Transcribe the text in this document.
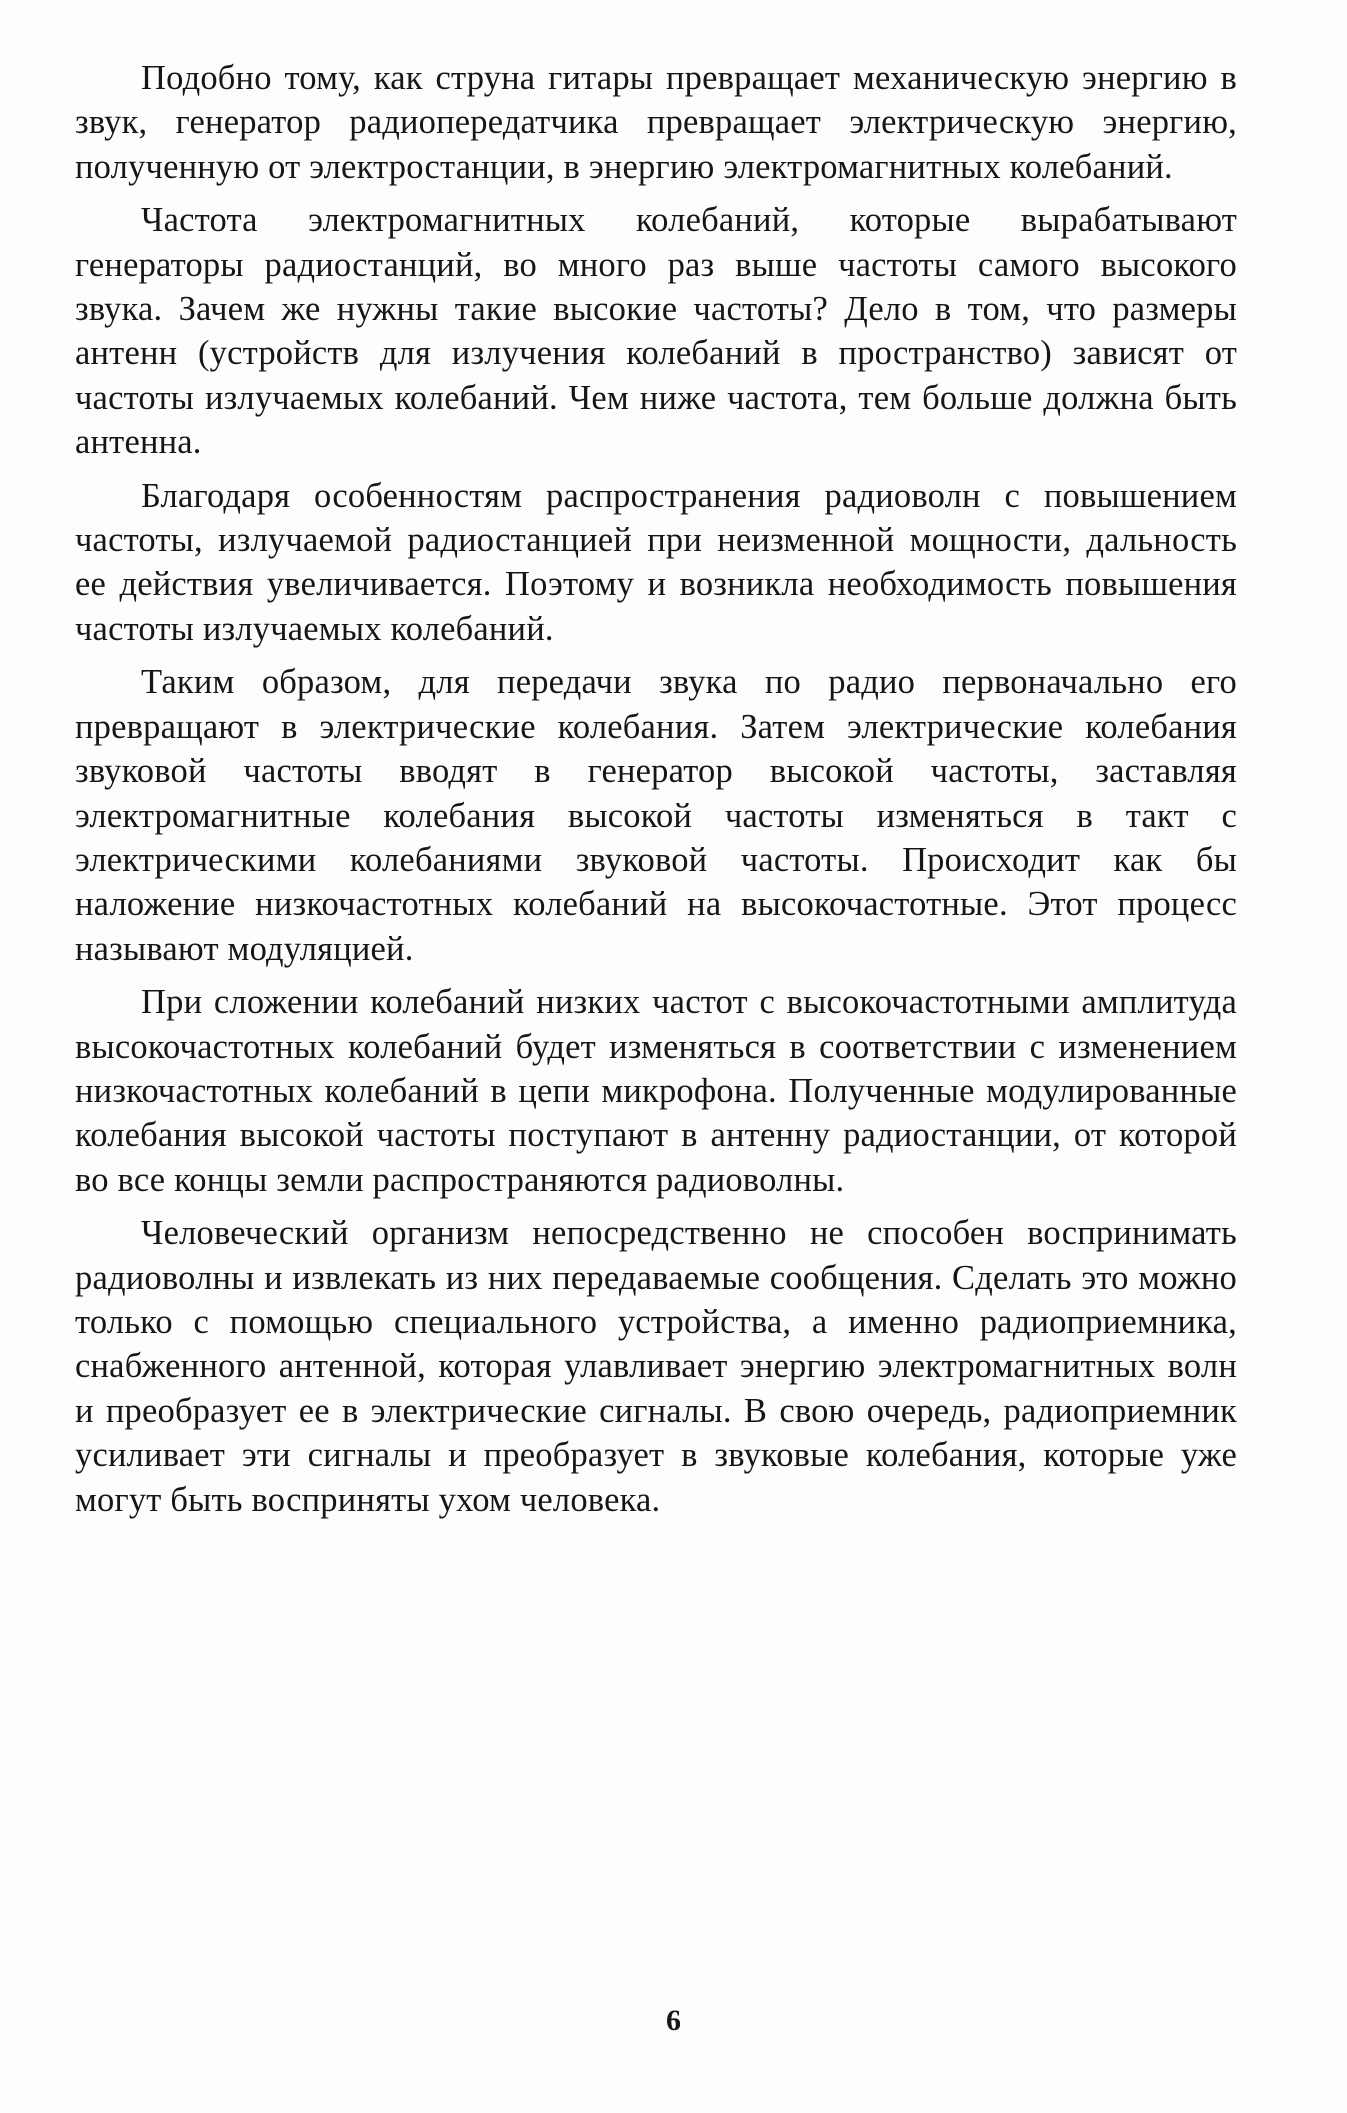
Подобно тому, как струна гитары превращает механическую энергию в звук, генератор радиопередатчика превращает электрическую энергию, полученную от электростанции, в энергию электромагнитных колебаний.

Частота электромагнитных колебаний, которые вырабатывают генераторы радиостанций, во много раз выше частоты самого высокого звука. Зачем же нужны такие высокие частоты? Дело в том, что размеры антенн (устройств для излучения колебаний в пространство) зависят от частоты излучаемых колебаний. Чем ниже частота, тем больше должна быть антенна.

Благодаря особенностям распространения радиоволн с повышением частоты, излучаемой радиостанцией при неизменной мощности, дальность ее действия увеличивается. Поэтому и возникла необходимость повышения частоты излучаемых колебаний.

Таким образом, для передачи звука по радио первоначально его превращают в электрические колебания. Затем электрические колебания звуковой частоты вводят в генератор высокой частоты, заставляя электромагнитные колебания высокой частоты изменяться в такт с электрическими колебаниями звуковой частоты. Происходит как бы наложение низкочастотных колебаний на высокочастотные. Этот процесс называют модуляцией.

При сложении колебаний низких частот с высокочастотными амплитуда высокочастотных колебаний будет изменяться в соответствии с изменением низкочастотных колебаний в цепи микрофона. Полученные модулированные колебания высокой частоты поступают в антенну радиостанции, от которой во все концы земли распространяются радиоволны.

Человеческий организм непосредственно не способен воспринимать радиоволны и извлекать из них передаваемые сообщения. Сделать это можно только с помощью специального устройства, а именно радиоприемника, снабженного антенной, которая улавливает энергию электромагнитных волн и преобразует ее в электрические сигналы. В свою очередь, радиоприемник усиливает эти сигналы и преобразует в звуковые колебания, которые уже могут быть восприняты ухом человека.

6
